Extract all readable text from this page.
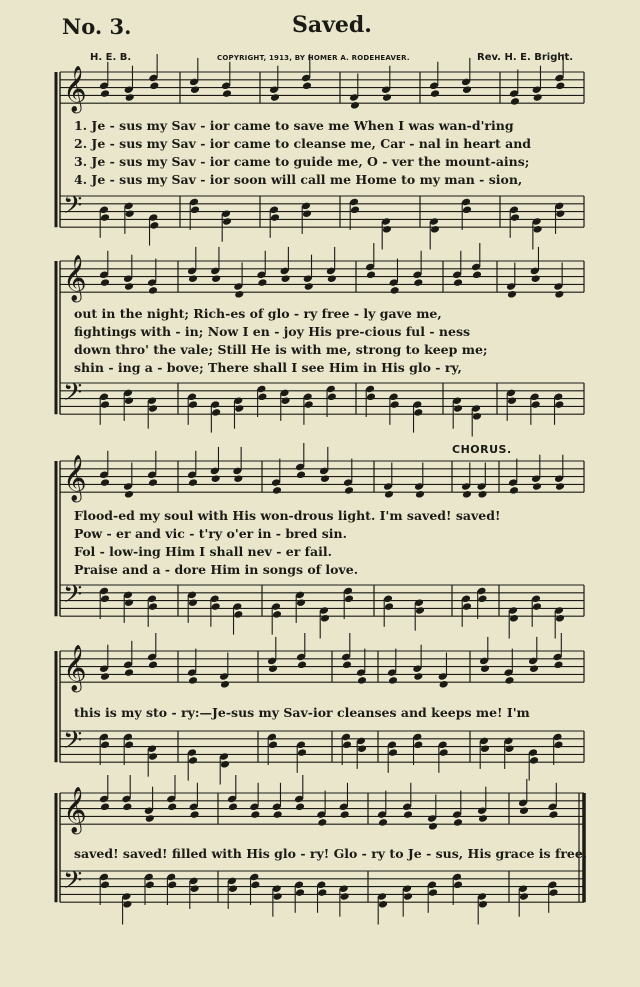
No. 3.	Saved.
H. E. B.	COPYRIGHT, 1913, BY HOMER A. RODEHEAVER.	Rev. H. E. Bright.
𝄞
𝄢
𝄞
𝄢
𝄞
𝄢
𝄞
𝄢
𝄞
𝄢
1. Je - sus my Sav - ior came to save me When I was wan-d'ring
2. Je - sus my Sav - ior came to cleanse me, Car - nal in heart and
3. Je - sus my Sav - ior came to guide me, O - ver the mount-ains;
4. Je - sus my Sav - ior soon will call me Home to my man - sion,
out in the night; Rich-es of glo - ry free - ly gave me,
fightings with - in; Now I en - joy His pre-cious ful - ness
down thro' the vale; Still He is with me, strong to keep me;
shin - ing a - bove; There shall I see Him in His glo - ry,
CHORUS.
Flood-ed my soul with His won-drous light. I'm saved! saved!
Pow - er and vic - t'ry o'er in - bred sin.
Fol - low-ing Him I shall nev - er fail.
Praise and a - dore Him in songs of love.
this is my sto - ry:—Je-sus my Sav-ior cleanses and keeps me! I'm
saved! saved! filled with His glo - ry! Glo - ry to Je - sus, His grace is free.
